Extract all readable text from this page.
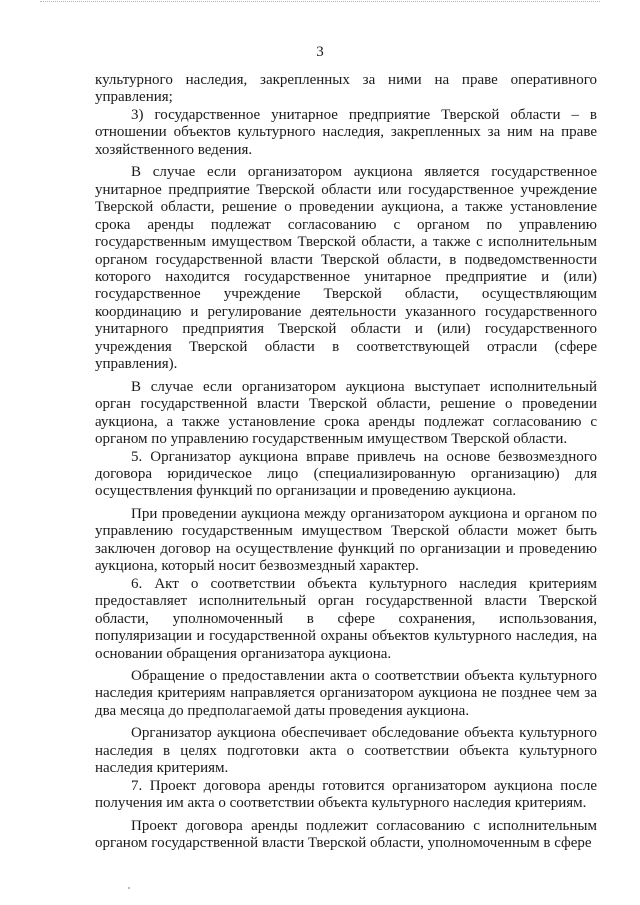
3

культурного наследия, закрепленных за ними на праве оперативного управления;

3) государственное унитарное предприятие Тверской области – в отношении объектов культурного наследия, закрепленных за ним на праве хозяйственного ведения.

В случае если организатором аукциона является государственное унитарное предприятие Тверской области или государственное учреждение Тверской области, решение о проведении аукциона, а также установление срока аренды подлежат согласованию с органом по управлению государственным имуществом Тверской области, а также с исполнительным органом государственной власти Тверской области, в подведомственности которого находится государственное унитарное предприятие и (или) государственное учреждение Тверской области, осуществляющим координацию и регулирование деятельности указанного государственного унитарного предприятия Тверской области и (или) государственного учреждения Тверской области в соответствующей отрасли (сфере управления).

В случае если организатором аукциона выступает исполнительный орган государственной власти Тверской области, решение о проведении аукциона, а также установление срока аренды подлежат согласованию с органом по управлению государственным имуществом Тверской области.

5. Организатор аукциона вправе привлечь на основе безвозмездного договора юридическое лицо (специализированную организацию) для осуществления функций по организации и проведению аукциона.

При проведении аукциона между организатором аукциона и органом по управлению государственным имуществом Тверской области может быть заключен договор на осуществление функций по организации и проведению аукциона, который носит безвозмездный характер.

6. Акт о соответствии объекта культурного наследия критериям предоставляет исполнительный орган государственной власти Тверской области, уполномоченный в сфере сохранения, использования, популяризации и государственной охраны объектов культурного наследия, на основании обращения организатора аукциона.

Обращение о предоставлении акта о соответствии объекта культурного наследия критериям направляется организатором аукциона не позднее чем за два месяца до предполагаемой даты проведения аукциона.

Организатор аукциона обеспечивает обследование объекта культурного наследия в целях подготовки акта о соответствии объекта культурного наследия критериям.

7. Проект договора аренды готовится организатором аукциона после получения им акта о соответствии объекта культурного наследия критериям.

Проект договора аренды подлежит согласованию с исполнительным органом государственной власти Тверской области, уполномоченным в сфере
